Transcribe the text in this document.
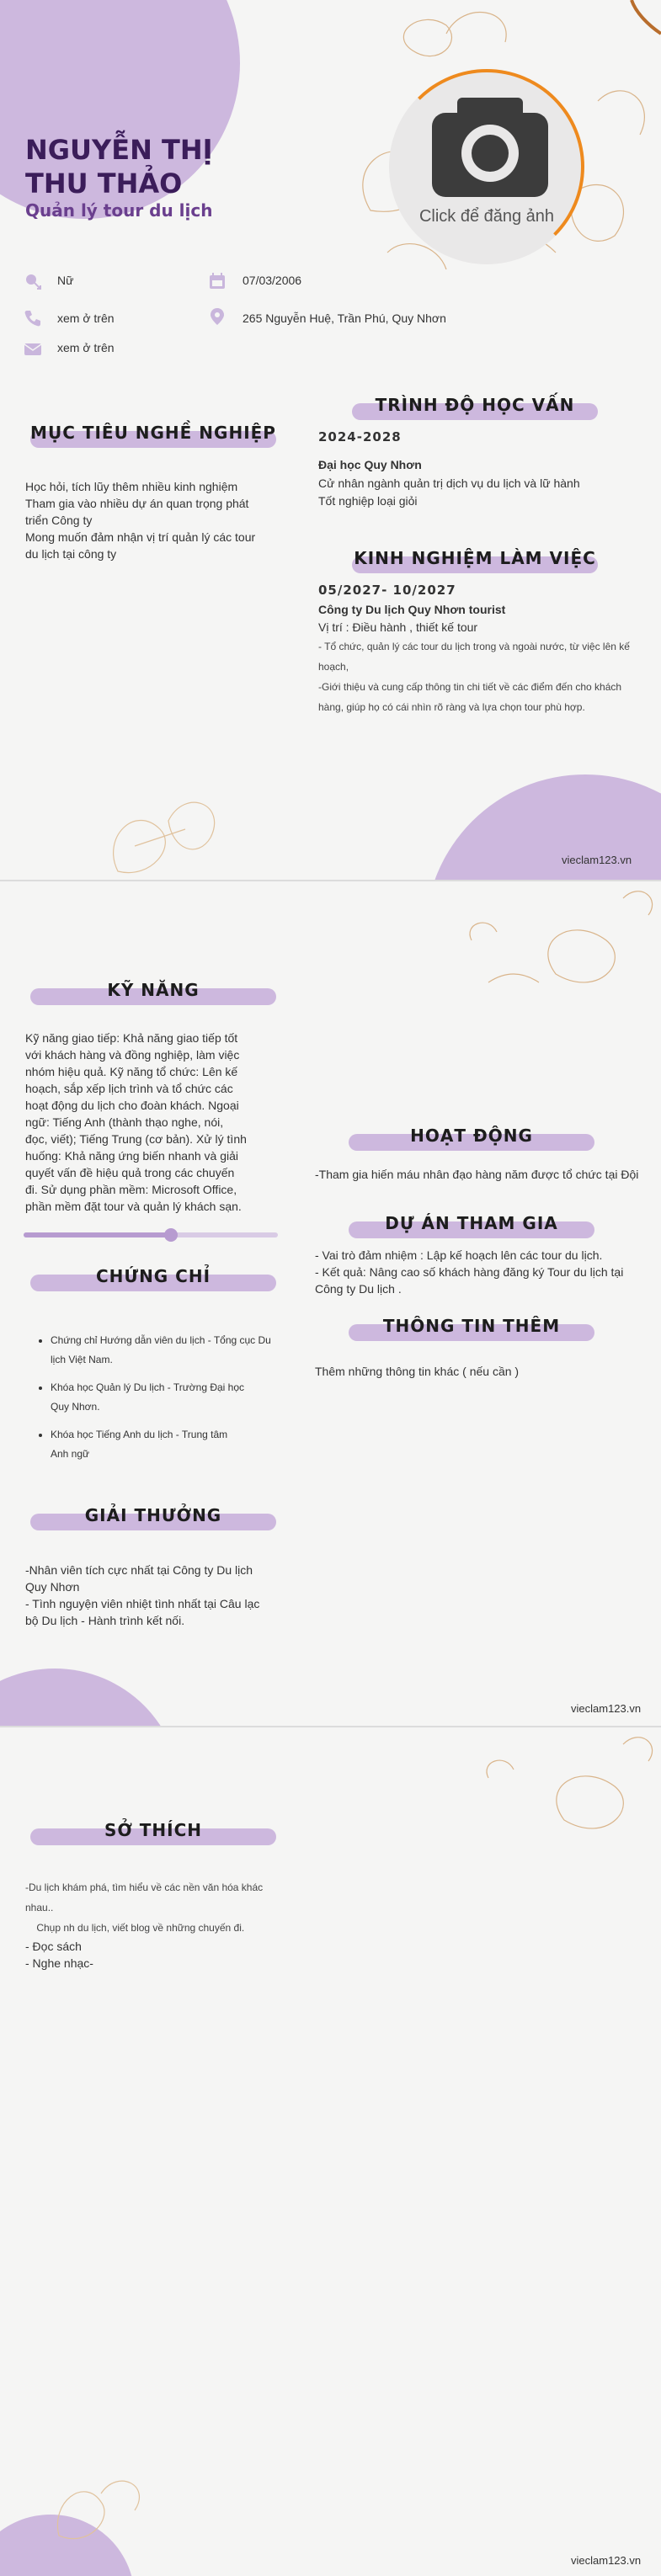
NGUYỄN THỊ
THU THẢO
Quản lý tour du lịch	Click để đăng ảnh
Nữ	07/03/2006
xem ở trên	265 Nguyễn Huệ, Trần Phú, Quy Nhơn
xem ở trên
MỤC TIÊU NGHỀ NGHIỆP
Học hỏi, tích lũy thêm nhiều kinh nghiệm
Tham gia vào nhiều dự án quan trọng phát
triển Công ty
Mong muốn đảm nhận vị trí quản lý các tour
du lịch tại công ty
TRÌNH ĐỘ HỌC VẤN
2024-2028
Đại học Quy Nhơn
Cử nhân ngành quản trị dịch vụ du lịch và lữ hành
Tốt nghiệp loại giỏi
KINH NGHIỆM LÀM VIỆC
05/2027- 10/2027
Công ty Du lịch Quy Nhơn tourist
Vị trí : Điều hành , thiết kế tour
- Tổ chức, quản lý các tour du lịch trong và ngoài nước, từ việc lên kế
hoạch,
-Giới thiệu và cung cấp thông tin chi tiết về các điểm đến cho khách
hàng, giúp họ có cái nhìn rõ ràng và lựa chọn tour phù hợp.
vieclam123.vn
KỸ NĂNG
Kỹ năng giao tiếp: Khả năng giao tiếp tốt
với khách hàng và đồng nghiệp, làm việc
nhóm hiệu quả. Kỹ năng tổ chức: Lên kế
hoạch, sắp xếp lịch trình và tổ chức các
hoạt động du lịch cho đoàn khách. Ngoại
ngữ: Tiếng Anh (thành thạo nghe, nói,
đọc, viết); Tiếng Trung (cơ bản). Xử lý tình
huống: Khả năng ứng biến nhanh và giải
quyết vấn đề hiệu quả trong các chuyến
đi. Sử dụng phần mềm: Microsoft Office,
phần mềm đặt tour và quản lý khách sạn.
CHỨNG CHỈ
• Chứng chỉ Hướng dẫn viên du lịch - Tổng cục Du
lịch Việt Nam.
• Khóa học Quản lý Du lịch - Trường Đại học
Quy Nhơn.
• Khóa học Tiếng Anh du lịch - Trung tâm
Anh ngữ
GIẢI THƯỞNG
-Nhân viên tích cực nhất tại Công ty Du lịch
Quy Nhơn
- Tình nguyện viên nhiệt tình nhất tại Câu lạc
bộ Du lịch - Hành trình kết nối.
HOẠT ĐỘNG
-Tham gia hiến máu nhân đạo hàng năm được tổ chức tại Đội
DỰ ÁN THAM GIA
- Vai trò đảm nhiệm : Lập kế hoạch lên các tour du lịch.
- Kết quả: Nâng cao số khách hàng đăng ký Tour du lịch tại
Công ty Du lịch .
THÔNG TIN THÊM
Thêm những thông tin khác ( nếu cần )
vieclam123.vn
SỞ THÍCH
-Du lịch khám phá, tìm hiểu về các nền văn hóa khác
nhau..
Chụp nh du lịch, viết blog về những chuyến đi.
- Đọc sách
- Nghe nhạc-
vieclam123.vn
